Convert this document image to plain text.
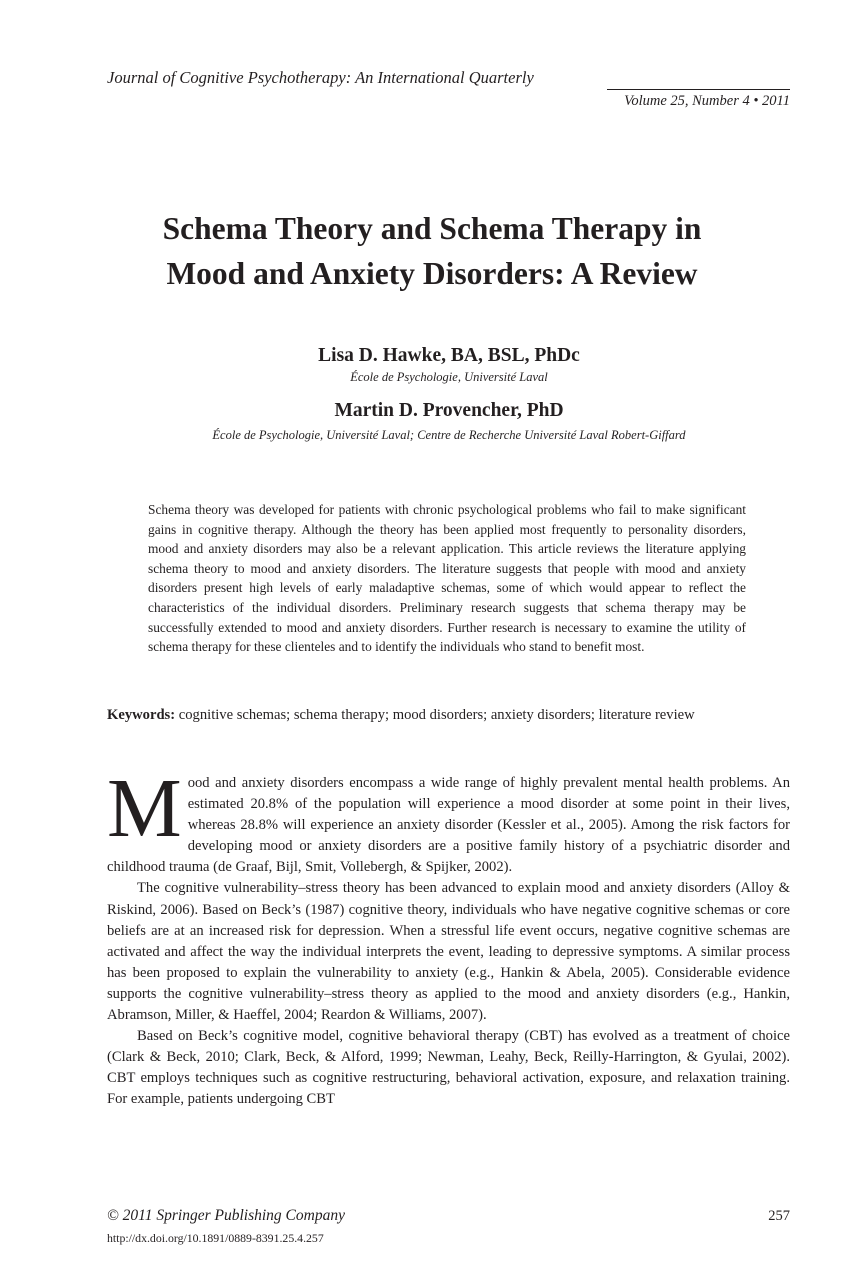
Journal of Cognitive Psychotherapy: An International Quarterly
Volume 25, Number 4 • 2011
Schema Theory and Schema Therapy in
Mood and Anxiety Disorders: A Review
Lisa D. Hawke, BA, BSL, PhDc
École de Psychologie, Université Laval
Martin D. Provencher, PhD
École de Psychologie, Université Laval; Centre de Recherche Université Laval Robert-Giffard

Schema theory was developed for patients with chronic psychological problems who fail to make significant gains in cognitive therapy. Although the theory has been applied most frequently to personality disorders, mood and anxiety disorders may also be a relevant application. This article reviews the literature applying schema theory to mood and anxiety disorders. The literature suggests that people with mood and anxiety disorders present high levels of early maladaptive schemas, some of which would appear to reflect the characteristics of the individual disorders. Preliminary research suggests that schema therapy may be successfully extended to mood and anxiety disorders. Further research is necessary to examine the utility of schema therapy for these clienteles and to identify the individuals who stand to benefit most.

Keywords: cognitive schemas; schema therapy; mood disorders; anxiety disorders; literature review

Mood and anxiety disorders encompass a wide range of highly prevalent mental health problems. An estimated 20.8% of the population will experience a mood disorder at some point in their lives, whereas 28.8% will experience an anxiety disorder (Kessler et al., 2005). Among the risk factors for developing mood or anxiety disorders are a positive family history of a psychiatric disorder and childhood trauma (de Graaf, Bijl, Smit, Vollebergh, & Spijker, 2002).

The cognitive vulnerability–stress theory has been advanced to explain mood and anxiety disorders (Alloy & Riskind, 2006). Based on Beck’s (1987) cognitive theory, individuals who have negative cognitive schemas or core beliefs are at an increased risk for depression. When a stressful life event occurs, negative cognitive schemas are activated and affect the way the individual interprets the event, leading to depressive symptoms. A similar process has been proposed to explain the vulnerability to anxiety (e.g., Hankin & Abela, 2005). Considerable evidence supports the cognitive vulnerability–stress theory as applied to the mood and anxiety disorders (e.g., Hankin, Abramson, Miller, & Haeffel, 2004; Reardon & Williams, 2007).

Based on Beck’s cognitive model, cognitive behavioral therapy (CBT) has evolved as a treatment of choice (Clark & Beck, 2010; Clark, Beck, & Alford, 1999; Newman, Leahy, Beck, Reilly-Harrington, & Gyulai, 2002). CBT employs techniques such as cognitive restructuring, behavioral activation, exposure, and relaxation training. For example, patients undergoing CBT

© 2011 Springer Publishing Company	257
http://dx.doi.org/10.1891/0889-8391.25.4.257
